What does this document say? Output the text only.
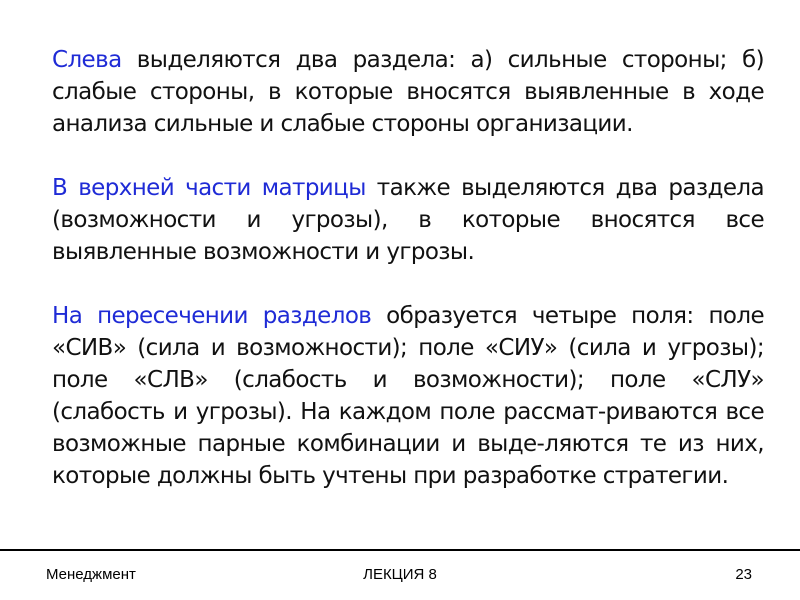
Слева выделяются два раздела: а) сильные стороны; б) слабые стороны, в которые вносятся выявленные в ходе анализа сильные и слабые стороны организации.

В верхней части матрицы также выделяются два раздела (возможности и угрозы), в которые вносятся все выявленные возможности и угрозы.

На пересечении разделов образуется четыре поля: поле «СИВ» (сила и возможности); поле «СИУ» (сила и угрозы); поле «СЛВ» (слабость и возможности); поле «СЛУ» (слабость и угрозы). На каждом поле рассмат-риваются все возможные парные комбинации и выде-ляются те из них, которые должны быть учтены при разработке стратегии.

Менеджмент	ЛЕКЦИЯ 8	23
